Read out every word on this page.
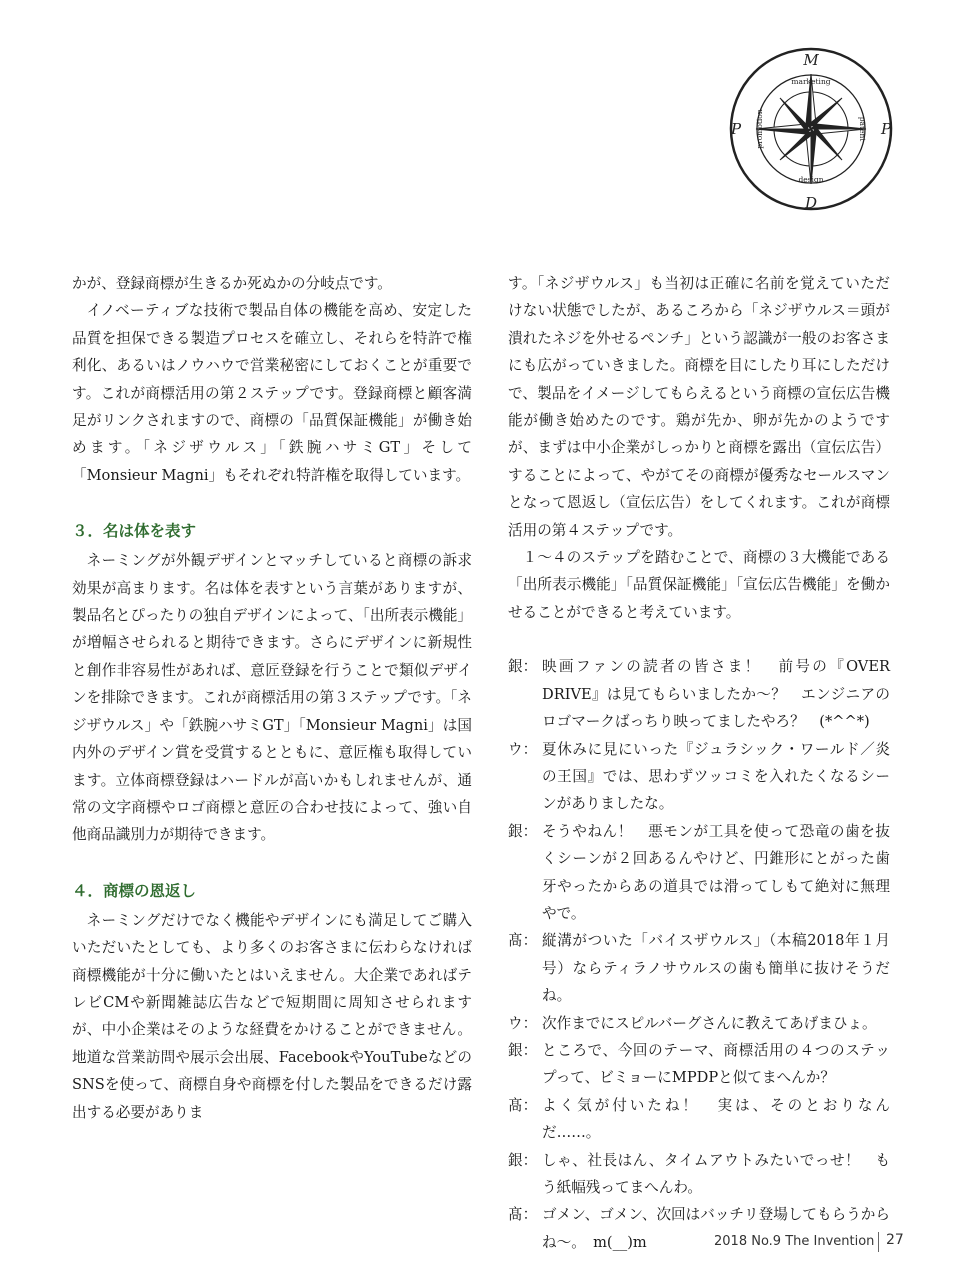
M
P	P
D
marketing
design
patent
promotion

かが、登録商標が生きるか死ぬかの分岐点です。

イノベーティブな技術で製品自体の機能を高め、安定した品質を担保できる製造プロセスを確立し、それらを特許で権利化、あるいはノウハウで営業秘密にしておくことが重要です。これが商標活用の第２ステップです。登録商標と顧客満足がリンクされますので、商標の「品質保証機能」が働き始めます。「ネジザウルス」「鉄腕ハサミGT」そして「Monsieur Magni」もそれぞれ特許権を取得しています。

３．名は体を表す

ネーミングが外観デザインとマッチしていると商標の訴求効果が高まります。名は体を表すという言葉がありますが、製品名とぴったりの独自デザインによって、「出所表示機能」が増幅させられると期待できます。さらにデザインに新規性と創作非容易性があれば、意匠登録を行うことで類似デザインを排除できます。これが商標活用の第３ステップです。「ネジザウルス」や「鉄腕ハサミGT」「Monsieur Magni」は国内外のデザイン賞を受賞するとともに、意匠権も取得しています。立体商標登録はハードルが高いかもしれませんが、通常の文字商標やロゴ商標と意匠の合わせ技によって、強い自他商品識別力が期待できます。

４．商標の恩返し

ネーミングだけでなく機能やデザインにも満足してご購入いただいたとしても、より多くのお客さまに伝わらなければ商標機能が十分に働いたとはいえません。大企業であればテレビCMや新聞雑誌広告などで短期間に周知させられますが、中小企業はそのような経費をかけることができません。地道な営業訪問や展示会出展、FacebookやYouTubeなどのSNSを使って、商標自身や商標を付した製品をできるだけ露出する必要がありま

す。「ネジザウルス」も当初は正確に名前を覚えていただけない状態でしたが、あるころから「ネジザウルス＝頭が潰れたネジを外せるペンチ」という認識が一般のお客さまにも広がっていきました。商標を目にしたり耳にしただけで、製品をイメージしてもらえるという商標の宣伝広告機能が働き始めたのです。鶏が先か、卵が先かのようですが、まずは中小企業がしっかりと商標を露出（宣伝広告）することによって、やがてその商標が優秀なセールスマンとなって恩返し（宣伝広告）をしてくれます。これが商標活用の第４ステップです。

１～４のステップを踏むことで、商標の３大機能である「出所表示機能」「品質保証機能」「宣伝広告機能」を働かせることができると考えています。

銀： 映画ファンの読者の皆さま！　前号の『OVER DRIVE』は見てもらいましたか～？　エンジニアのロゴマークばっちり映ってましたやろ？　(*^^*)
ウ： 夏休みに見にいった『ジュラシック・ワールド／炎の王国』では、思わずツッコミを入れたくなるシーンがありましたな。
銀： そうやねん！　悪モンが工具を使って恐竜の歯を抜くシーンが２回あるんやけど、円錐形にとがった歯牙やったからあの道具では滑ってしもて絶対に無理やで。
髙： 縦溝がついた「バイスザウルス」（本稿2018年１月号）ならティラノサウルスの歯も簡単に抜けそうだね。
ウ： 次作までにスピルバーグさんに教えてあげまひょ。
銀： ところで、今回のテーマ、商標活用の４つのステップって、ビミョーにMPDPと似てまへんか？
髙： よく気が付いたね！　実は、そのとおりなんだ……。
銀： しゃ、社長はん、タイムアウトみたいでっせ！　もう紙幅残ってまへんわ。
髙： ゴメン、ゴメン、次回はバッチリ登場してもらうからね～。　m(__)m	2018 No.9 The Invention 27
